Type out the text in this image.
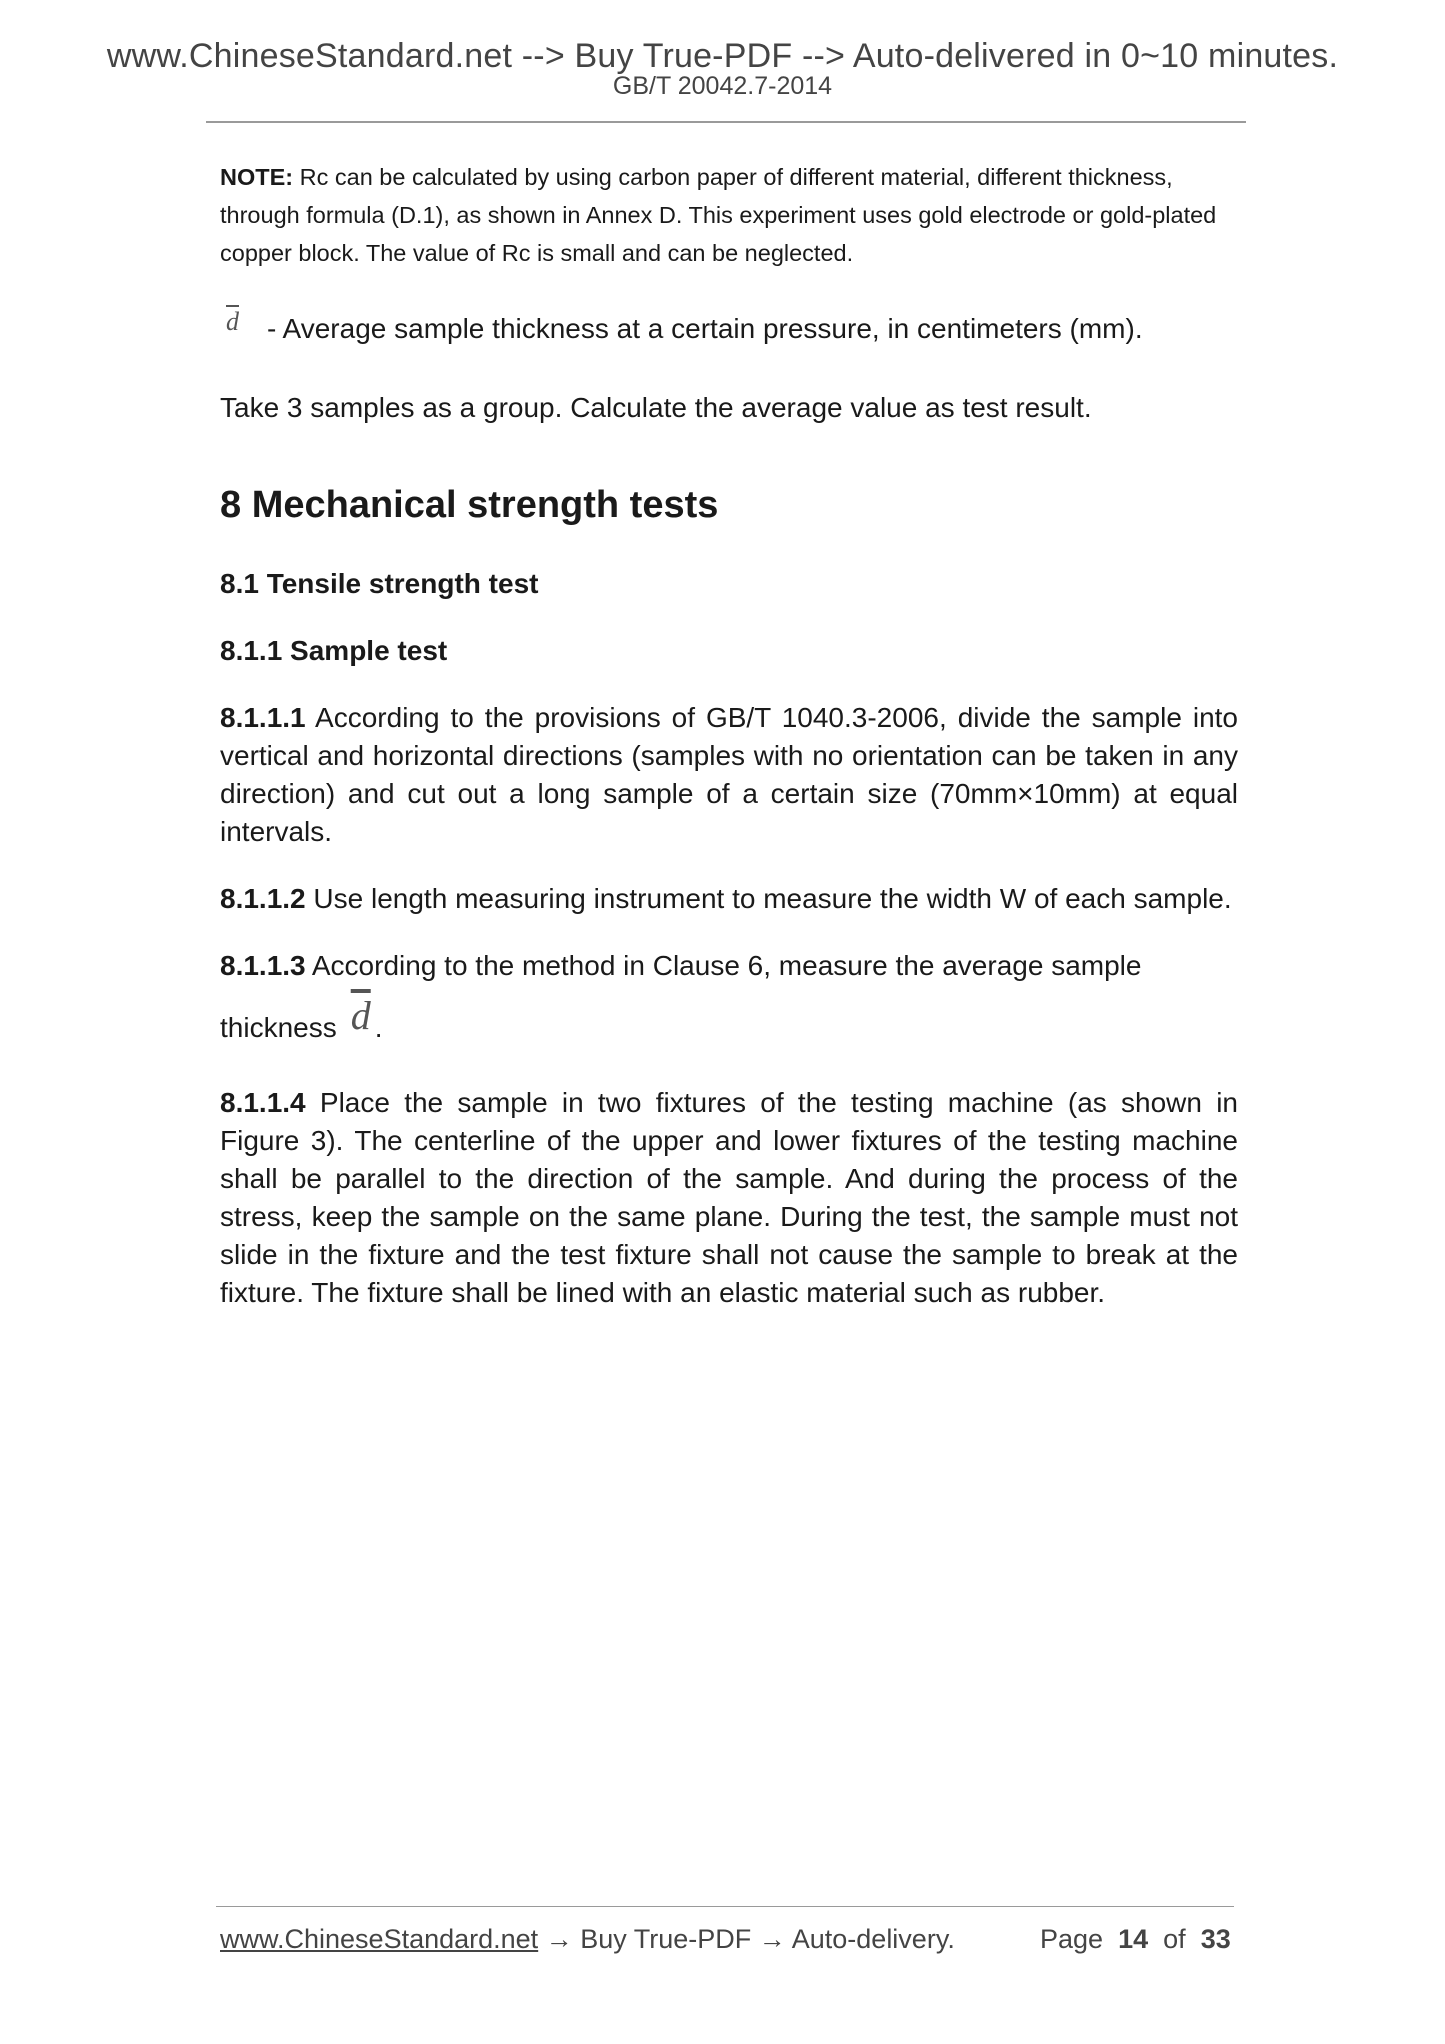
www.ChineseStandard.net --> Buy True-PDF --> Auto-delivered in 0~10 minutes.
GB/T 20042.7-2014

NOTE: Rc can be calculated by using carbon paper of different material, different thickness, through formula (D.1), as shown in Annex D. This experiment uses gold electrode or gold-plated copper block. The value of Rc is small and can be neglected.

$\overline{d}$ - Average sample thickness at a certain pressure, in centimeters (mm).

Take 3 samples as a group. Calculate the average value as test result.

8 Mechanical strength tests
8.1 Tensile strength test
8.1.1 Sample test

8.1.1.1 According to the provisions of GB/T 1040.3-2006, divide the sample into vertical and horizontal directions (samples with no orientation can be taken in any direction) and cut out a long sample of a certain size (70mm×10mm) at equal intervals.

8.1.1.2 Use length measuring instrument to measure the width W of each sample.

8.1.1.3 According to the method in Clause 6, measure the average sample

thickness $\overline{d}$ .

8.1.1.4 Place the sample in two fixtures of the testing machine (as shown in Figure 3). The centerline of the upper and lower fixtures of the testing machine shall be parallel to the direction of the sample. And during the process of the stress, keep the sample on the same plane. During the test, the sample must not slide in the fixture and the test fixture shall not cause the sample to break at the fixture. The fixture shall be lined with an elastic material such as rubber.

www.ChineseStandard.net → Buy True-PDF → Auto-delivery.	Page 14 of 33
